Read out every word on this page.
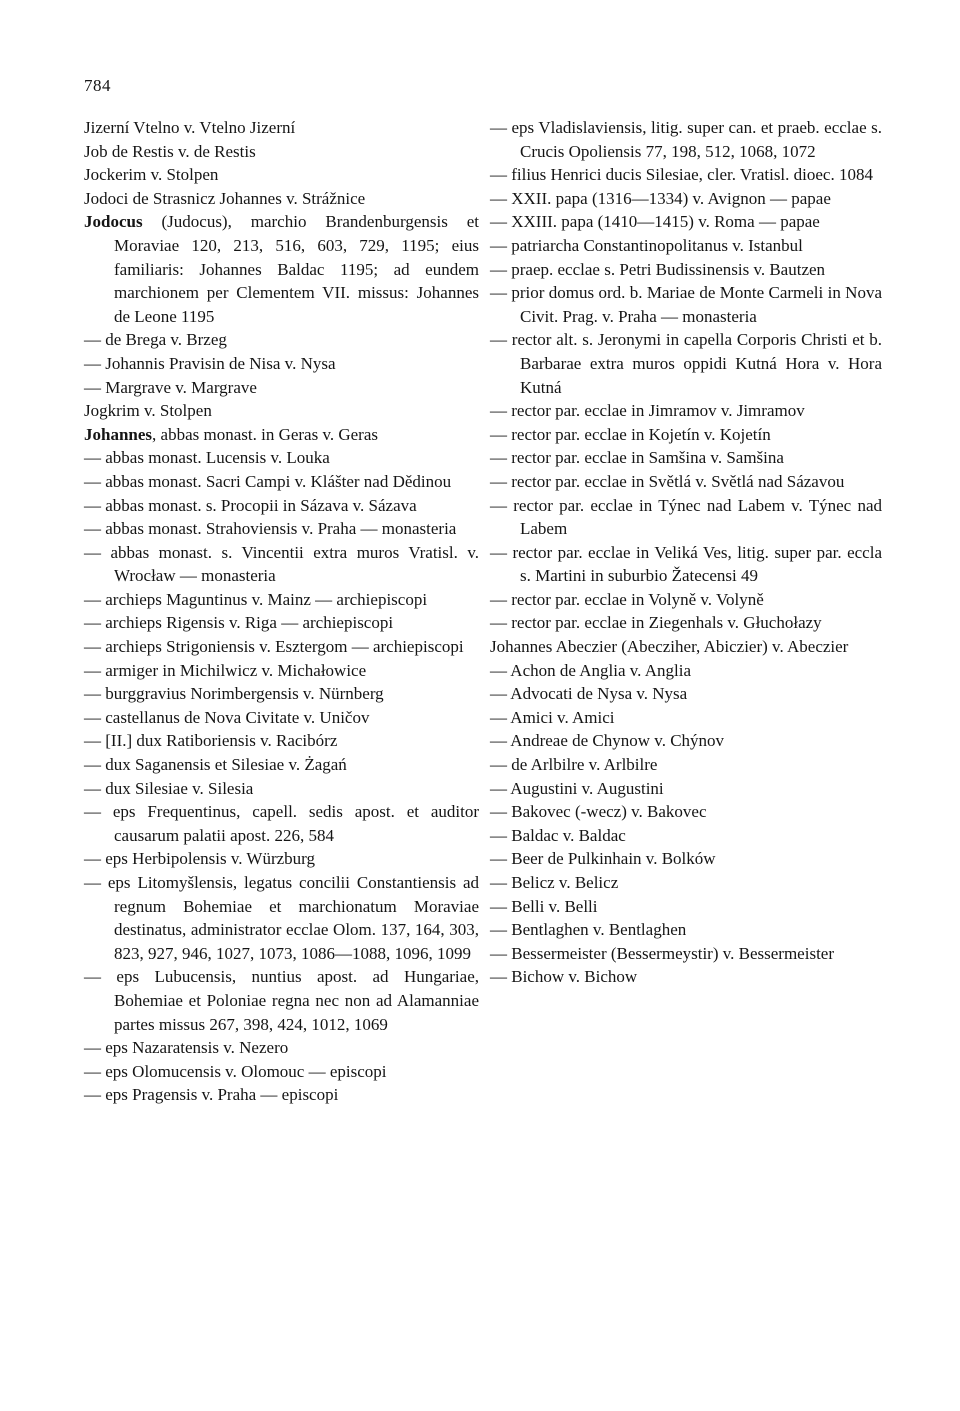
784
Jizerní Vtelno v. Vtelno Jizerní
Job de Restis v. de Restis
Jockerim v. Stolpen
Jodoci de Strasnicz Johannes v. Strážnice
Jodocus (Judocus), marchio Brandenburgensis et Moraviae 120, 213, 516, 603, 729, 1195; eius familiaris: Johannes Baldac 1195; ad eundem marchionem per Clementem VII. missus: Johannes de Leone 1195
— de Brega v. Brzeg
— Johannis Pravisin de Nisa v. Nysa
— Margrave v. Margrave
Jogkrim v. Stolpen
Johannes, abbas monast. in Geras v. Geras
— abbas monast. Lucensis v. Louka
— abbas monast. Sacri Campi v. Klášter nad Dědinou
— abbas monast. s. Procopii in Sázava v. Sázava
— abbas monast. Strahoviensis v. Praha — monasteria
— abbas monast. s. Vincentii extra muros Vratisl. v. Wrocław — monasteria
— archieps Maguntinus v. Mainz — archiepiscopi
— archieps Rigensis v. Riga — archiepiscopi
— archieps Strigoniensis v. Esztergom — archiepiscopi
— armiger in Michilwicz v. Michałowice
— burggravius Norimbergensis v. Nürnberg
— castellanus de Nova Civitate v. Uničov
— [II.] dux Ratiboriensis v. Racibórz
— dux Saganensis et Silesiae v. Żagań
— dux Silesiae v. Silesia
— eps Frequentinus, capell. sedis apost. et auditor causarum palatii apost. 226, 584
— eps Herbipolensis v. Würzburg
— eps Litomyšlensis, legatus concilii Constantiensis ad regnum Bohemiae et marchionatum Moraviae destinatus, administrator ecclae Olom. 137, 164, 303, 823, 927, 946, 1027, 1073, 1086—1088, 1096, 1099
— eps Lubucensis, nuntius apost. ad Hungariae, Bohemiae et Poloniae regna nec non ad Alamanniae partes missus 267, 398, 424, 1012, 1069
— eps Nazaratensis v. Nezero
— eps Olomucensis v. Olomouc — episcopi
— eps Pragensis v. Praha — episcopi
— eps Vladislaviensis, litig. super can. et praeb. ecclae s. Crucis Opoliensis 77, 198, 512, 1068, 1072
— filius Henrici ducis Silesiae, cler. Vratisl. dioec. 1084
— XXII. papa (1316—1334) v. Avignon — papae
— XXIII. papa (1410—1415) v. Roma — papae
— patriarcha Constantinopolitanus v. Istanbul
— praep. ecclae s. Petri Budissinensis v. Bautzen
— prior domus ord. b. Mariae de Monte Carmeli in Nova Civit. Prag. v. Praha — monasteria
— rector alt. s. Jeronymi in capella Corporis Christi et b. Barbarae extra muros oppidi Kutná Hora v. Hora Kutná
— rector par. ecclae in Jimramov v. Jimramov
— rector par. ecclae in Kojetín v. Kojetín
— rector par. ecclae in Samšina v. Samšina
— rector par. ecclae in Světlá v. Světlá nad Sázavou
— rector par. ecclae in Týnec nad Labem v. Týnec nad Labem
— rector par. ecclae in Veliká Ves, litig. super par. eccla s. Martini in suburbio Žatecensi 49
— rector par. ecclae in Volyně v. Volyně
— rector par. ecclae in Ziegenhals v. Głuchołazy
Johannes Abeczier (Abecziher, Abiczier) v. Abeczier
— Achon de Anglia v. Anglia
— Advocati de Nysa v. Nysa
— Amici v. Amici
— Andreae de Chynow v. Chýnov
— de Arlbilre v. Arlbilre
— Augustini v. Augustini
— Bakovec (-wecz) v. Bakovec
— Baldac v. Baldac
— Beer de Pulkinhain v. Bolków
— Belicz v. Belicz
— Belli v. Belli
— Bentlaghen v. Bentlaghen
— Bessermeister (Bessermeystir) v. Bessermeister
— Bichow v. Bichow
